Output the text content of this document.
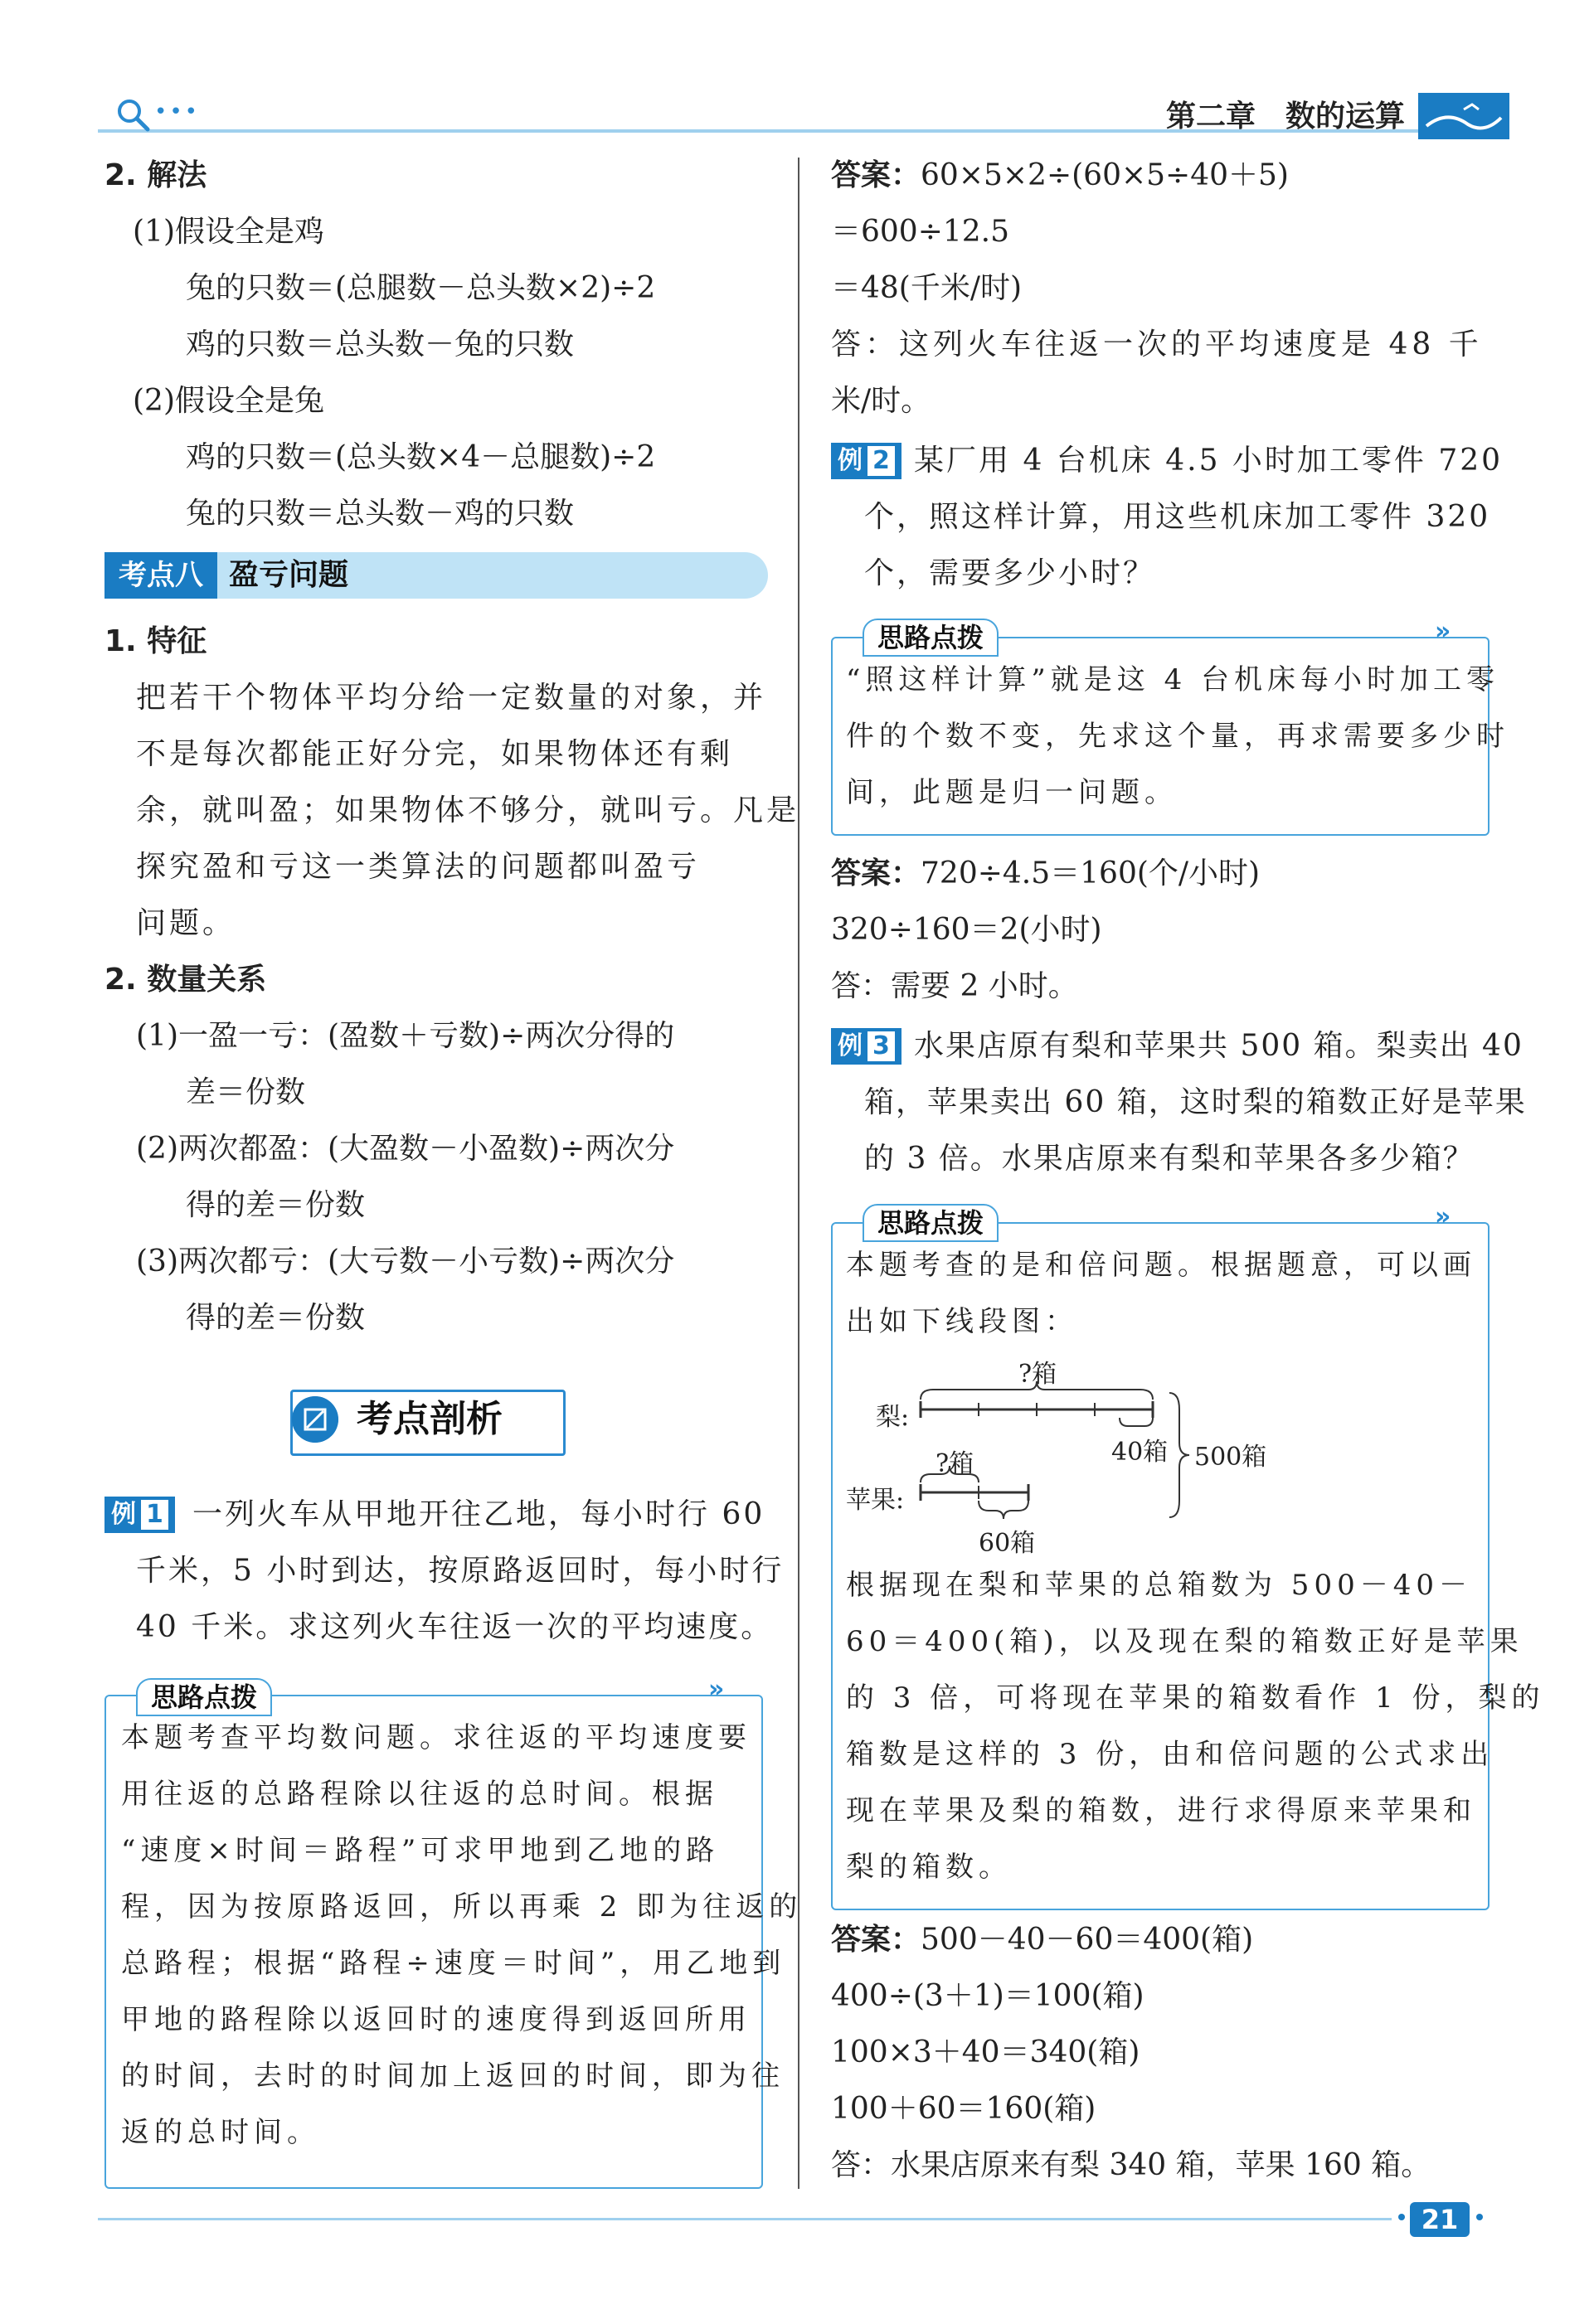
•••	第二章　数的运算
2. 解法
(1)假设全是鸡
兔的只数＝(总腿数－总头数×2)÷2
鸡的只数＝总头数－兔的只数
(2)假设全是兔
鸡的只数＝(总头数×4－总腿数)÷2
兔的只数＝总头数－鸡的只数
考点八 盈亏问题
1. 特征
把若干个物体平均分给一定数量的对象，并
不是每次都能正好分完，如果物体还有剩
余，就叫盈；如果物体不够分，就叫亏。凡是
探究盈和亏这一类算法的问题都叫盈亏
问题。
2. 数量关系
(1)一盈一亏：(盈数＋亏数)÷两次分得的
差＝份数
(2)两次都盈：(大盈数－小盈数)÷两次分
得的差＝份数
(3)两次都亏：(大亏数－小亏数)÷两次分
得的差＝份数
考点剖析
例 1 一列火车从甲地开往乙地，每小时行 60
千米，5 小时到达，按原路返回时，每小时行
40 千米。求这列火车往返一次的平均速度。
思路点拨	»
本题考查平均数问题。求往返的平均速度要
用往返的总路程除以往返的总时间。根据
“速度×时间＝路程”可求甲地到乙地的路
程，因为按原路返回，所以再乘 2 即为往返的
总路程；根据“路程÷速度＝时间”，用乙地到
甲地的路程除以返回时的速度得到返回所用
的时间，去时的时间加上返回的时间，即为往
返的总时间。
答案：60×5×2÷(60×5÷40＋5)
＝600÷12.5
＝48(千米/时)
答：这列火车往返一次的平均速度是 48 千
米/时。
例 2 某厂用 4 台机床 4.5 小时加工零件 720
个，照这样计算，用这些机床加工零件 320
个，需要多少小时？
思路点拨	»
“照这样计算”就是这 4 台机床每小时加工零
件的个数不变，先求这个量，再求需要多少时
间，此题是归一问题。
答案：720÷4.5＝160(个/小时)
320÷160＝2(小时)
答：需要 2 小时。
例 3 水果店原有梨和苹果共 500 箱。梨卖出 40
箱，苹果卖出 60 箱，这时梨的箱数正好是苹果
的 3 倍。水果店原来有梨和苹果各多少箱？
思路点拨	»
本题考查的是和倍问题。根据题意，可以画
出如下线段图：
梨:
苹果:
?箱
?箱	40箱
60箱
500箱
根据现在梨和苹果的总箱数为 500－40－
60＝400(箱)，以及现在梨的箱数正好是苹果
的 3 倍，可将现在苹果的箱数看作 1 份，梨的
箱数是这样的 3 份，由和倍问题的公式求出
现在苹果及梨的箱数，进行求得原来苹果和
梨的箱数。
答案：500－40－60＝400(箱)
400÷(3＋1)＝100(箱)
100×3＋40＝340(箱)
100＋60＝160(箱)
答：水果店原来有梨 340 箱，苹果 160 箱。
21
